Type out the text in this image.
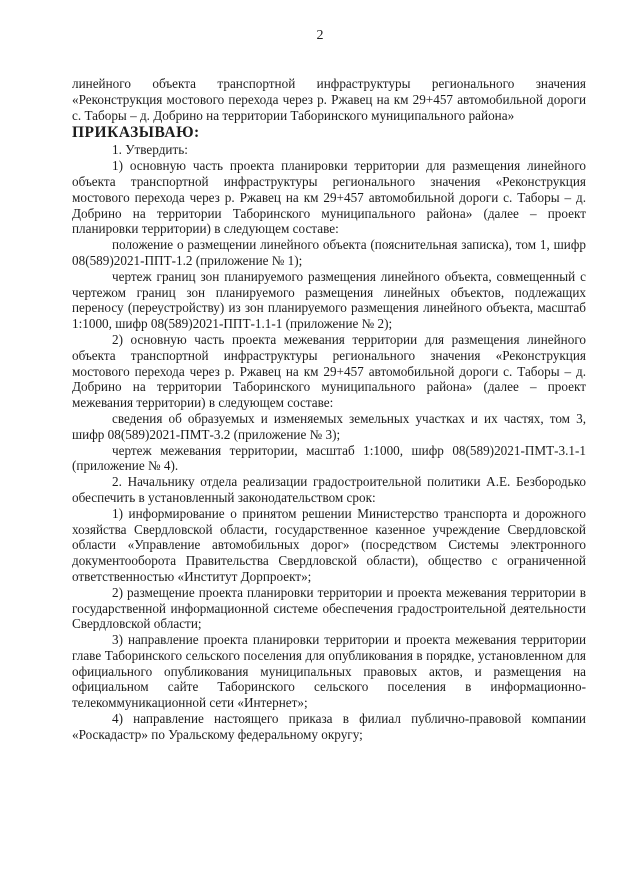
2

линейного объекта транспортной инфраструктуры регионального значения «Реконструкция мостового перехода через р. Ржавец на км 29+457 автомобильной дороги с. Таборы – д. Добрино на территории Таборинского муниципального района»

ПРИКАЗЫВАЮ:

1. Утвердить:

1) основную часть проекта планировки территории для размещения линейного объекта транспортной инфраструктуры регионального значения «Реконструкция мостового перехода через р. Ржавец на км 29+457 автомобильной дороги с. Таборы – д. Добрино на территории Таборинского муниципального района» (далее – проект планировки территории) в следующем составе:

положение о размещении линейного объекта (пояснительная записка), том 1, шифр 08(589)2021-ППТ-1.2 (приложение № 1);

чертеж границ зон планируемого размещения линейного объекта, совмещенный с чертежом границ зон планируемого размещения линейных объектов, подлежащих переносу (переустройству) из зон планируемого размещения линейного объекта, масштаб 1:1000, шифр 08(589)2021-ППТ-1.1-1 (приложение № 2);

2) основную часть проекта межевания территории для размещения линейного объекта транспортной инфраструктуры регионального значения «Реконструкция мостового перехода через р. Ржавец на км 29+457 автомобильной дороги с. Таборы – д. Добрино на территории Таборинского муниципального района» (далее – проект межевания территории) в следующем составе:

сведения об образуемых и изменяемых земельных участках и их частях, том 3, шифр 08(589)2021-ПМТ-3.2 (приложение № 3);

чертеж межевания территории, масштаб 1:1000, шифр 08(589)2021-ПМТ-3.1-1 (приложение № 4).

2. Начальнику отдела реализации градостроительной политики А.Е. Безбородько обеспечить в установленный законодательством срок:

1) информирование о принятом решении Министерство транспорта и дорожного хозяйства Свердловской области, государственное казенное учреждение Свердловской области «Управление автомобильных дорог» (посредством Системы электронного документооборота Правительства Свердловской области), общество с ограниченной ответственностью «Институт Дорпроект»;

2) размещение проекта планировки территории и проекта межевания территории в государственной информационной системе обеспечения градостроительной деятельности Свердловской области;

3) направление проекта планировки территории и проекта межевания территории главе Таборинского сельского поселения для опубликования в порядке, установленном для официального опубликования муниципальных правовых актов, и размещения на официальном сайте Таборинского сельского поселения в информационно-телекоммуникационной сети «Интернет»;

4) направление настоящего приказа в филиал публично-правовой компании «Роскадастр» по Уральскому федеральному округу;
